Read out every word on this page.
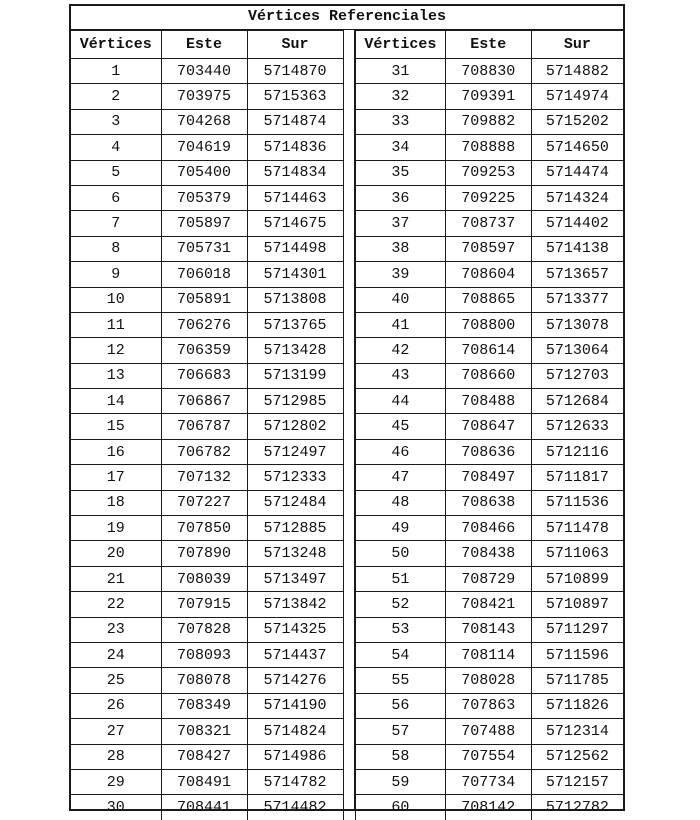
Vértices Referenciales
Vértices	Este	Sur
1	703440	5714870
2	703975	5715363
3	704268	5714874
4	704619	5714836
5	705400	5714834
6	705379	5714463
7	705897	5714675
8	705731	5714498
9	706018	5714301
10	705891	5713808
11	706276	5713765
12	706359	5713428
13	706683	5713199
14	706867	5712985
15	706787	5712802
16	706782	5712497
17	707132	5712333
18	707227	5712484
19	707850	5712885
20	707890	5713248
21	708039	5713497
22	707915	5713842
23	707828	5714325
24	708093	5714437
25	708078	5714276
26	708349	5714190
27	708321	5714824
28	708427	5714986
29	708491	5714782
30	708441	5714482
Vértices	Este	Sur
31	708830	5714882
32	709391	5714974
33	709882	5715202
34	708888	5714650
35	709253	5714474
36	709225	5714324
37	708737	5714402
38	708597	5714138
39	708604	5713657
40	708865	5713377
41	708800	5713078
42	708614	5713064
43	708660	5712703
44	708488	5712684
45	708647	5712633
46	708636	5712116
47	708497	5711817
48	708638	5711536
49	708466	5711478
50	708438	5711063
51	708729	5710899
52	708421	5710897
53	708143	5711297
54	708114	5711596
55	708028	5711785
56	707863	5711826
57	707488	5712314
58	707554	5712562
59	707734	5712157
60	708142	5712782
